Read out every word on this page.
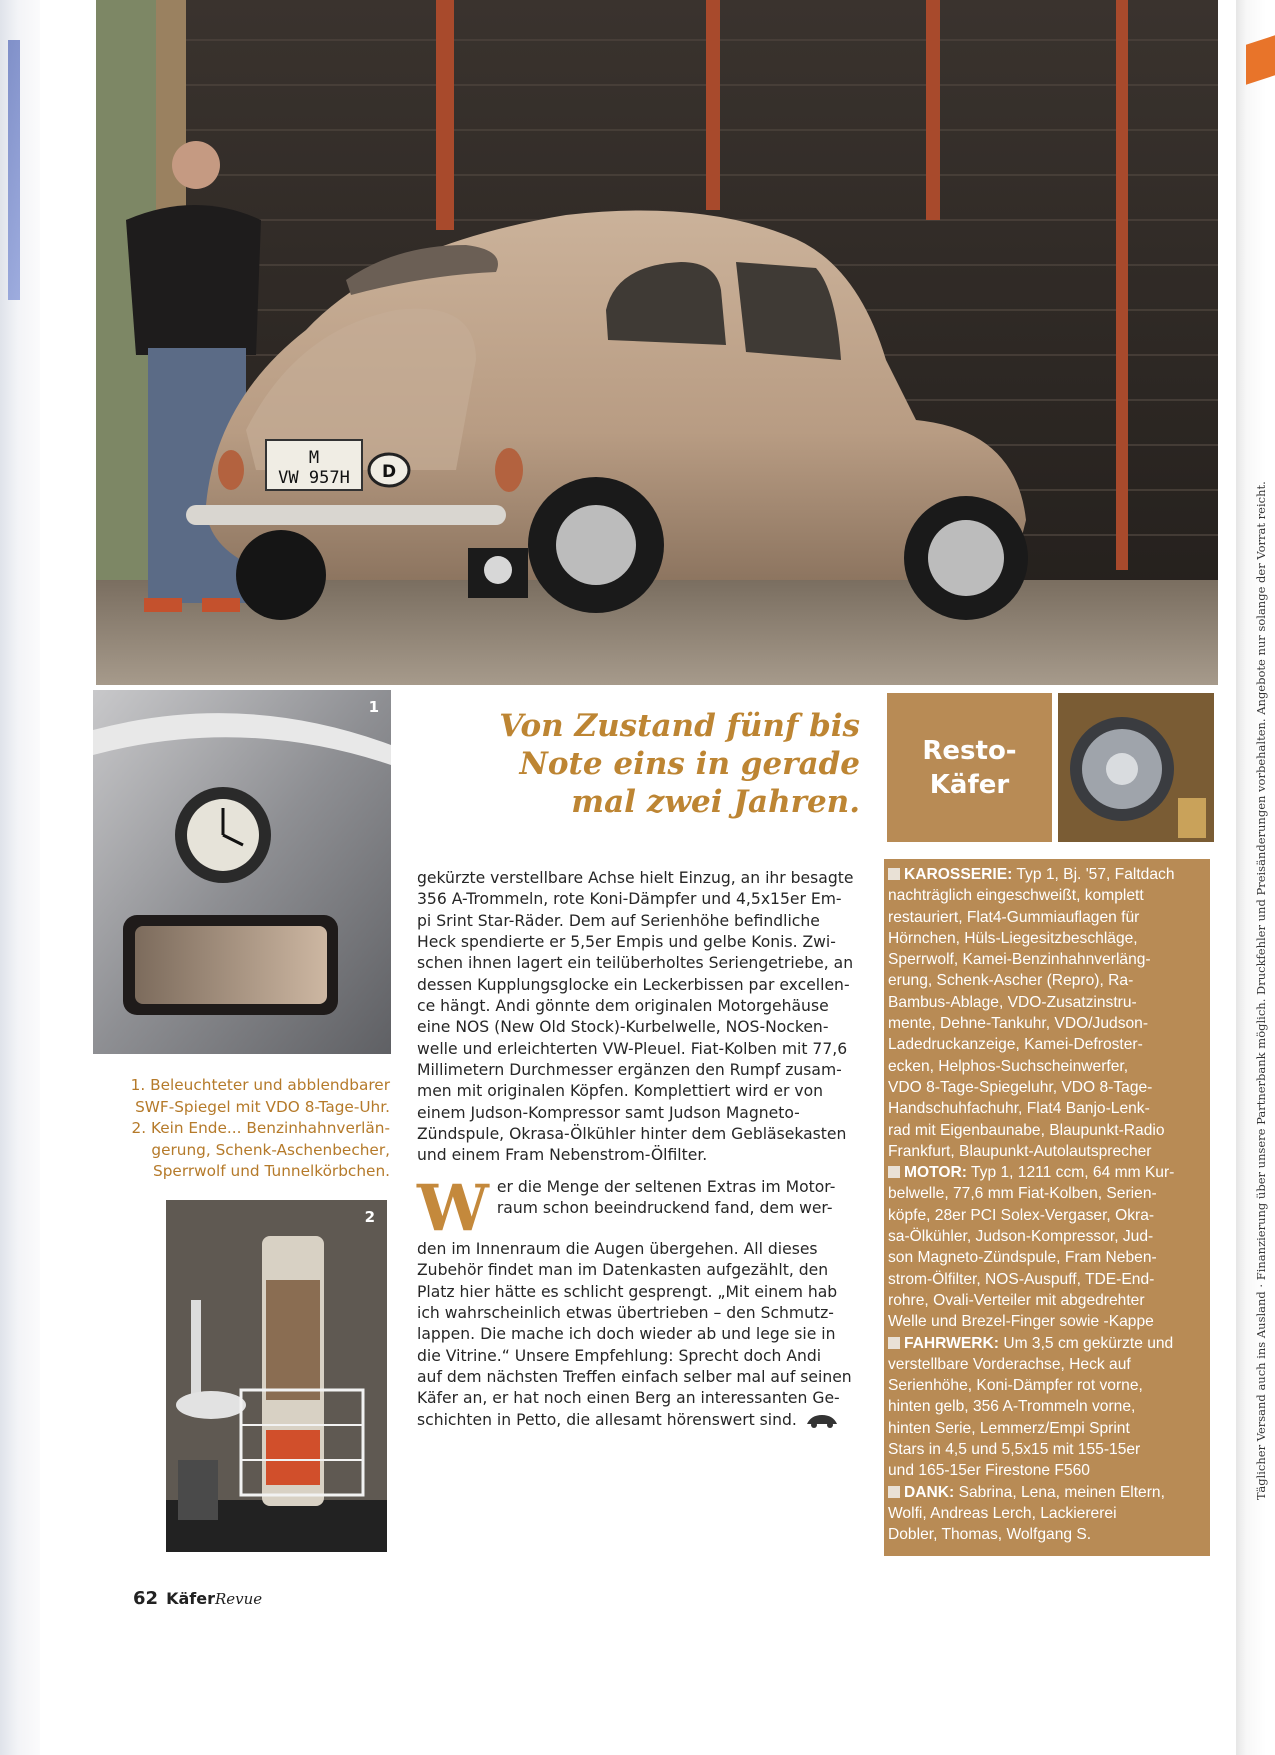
M
VW 957H D
1

1. Beleuchteter und abblendbarer

SWF-Spiegel mit VDO 8-Tage-Uhr.

2. Kein Ende... Benzinhahnverlän-

gerung, Schenk-Aschenbecher,

Sperrwolf und Tunnelkörbchen.

2
Von Zustand fünf bis
Note eins in gerade
mal zwei Jahren.
Resto-
Käfer

gekürzte verstellbare Achse hielt Einzug, an ihr besagte
356 A-Trommeln, rote Koni-Dämpfer und 4,5x15er Em-
pi Srint Star-Räder. Dem auf Serienhöhe befindliche
Heck spendierte er 5,5er Empis und gelbe Konis. Zwi-
schen ihnen lagert ein teilüberholtes Seriengetriebe, an
dessen Kupplungsglocke ein Leckerbissen par excellen-
ce hängt. Andi gönnte dem originalen Motorgehäuse
eine NOS (New Old Stock)-Kurbelwelle, NOS-Nocken-
welle und erleichterten VW-Pleuel. Fiat-Kolben mit 77,6
Millimetern Durchmesser ergänzen den Rumpf zusam-
men mit originalen Köpfen. Komplettiert wird er von
einem Judson-Kompressor samt Judson Magneto-
Zündspule, Okrasa-Ölkühler hinter dem Gebläsekasten
und einem Fram Nebenstrom-Ölfilter.

W er die Menge der seltenen Extras im Motor-
raum schon beeindruckend fand, dem wer-
den im Innenraum die Augen übergehen. All dieses
Zubehör findet man im Datenkasten aufgezählt, den
Platz hier hätte es schlicht gesprengt. „Mit einem hab
ich wahrscheinlich etwas übertrieben – den Schmutz-
lappen. Die mache ich doch wieder ab und lege sie in
die Vitrine.“ Unsere Empfehlung: Sprecht doch Andi
auf dem nächsten Treffen einfach selber mal auf seinen
Käfer an, er hat noch einen Berg an interessanten Ge-
schichten in Petto, die allesamt hörenswert sind.

KAROSSERIE: Typ 1, Bj. '57, Faltdach
nachträglich eingeschweißt, komplett
restauriert, Flat4-Gummiauflagen für
Hörnchen, Hüls-Liegesitzbeschläge,
Sperrwolf, Kamei-Benzinhahnverläng-
erung, Schenk-Ascher (Repro), Ra-
Bambus-Ablage, VDO-Zusatzinstru-
mente, Dehne-Tankuhr, VDO/Judson-
Ladedruckanzeige, Kamei-Defroster-
ecken, Helphos-Suchscheinwerfer,
VDO 8-Tage-Spiegeluhr, VDO 8-Tage-
Handschuhfachuhr, Flat4 Banjo-Lenk-
rad mit Eigenbaunabe, Blaupunkt-Radio
Frankfurt, Blaupunkt-Autolautsprecher
MOTOR: Typ 1, 1211 ccm, 64 mm Kur-
belwelle, 77,6 mm Fiat-Kolben, Serien-
köpfe, 28er PCI Solex-Vergaser, Okra-
sa-Ölkühler, Judson-Kompressor, Jud-
son Magneto-Zündspule, Fram Neben-
strom-Ölfilter, NOS-Auspuff, TDE-End-
rohre, Ovali-Verteiler mit abgedrehter
Welle und Brezel-Finger sowie -Kappe
FAHRWERK: Um 3,5 cm gekürzte und
verstellbare Vorderachse, Heck auf
Serienhöhe, Koni-Dämpfer rot vorne,
hinten gelb, 356 A-Trommeln vorne,
hinten Serie, Lemmerz/Empi Sprint
Stars in 4,5 und 5,5x15 mit 155-15er
und 165-15er Firestone F560
DANK: Sabrina, Lena, meinen Eltern,
Wolfi, Andreas Lerch, Lackiererei
Dobler, Thomas, Wolfgang S.
Täglicher Versand auch ins Ausland · Finanzierung über unsere Partnerbank möglich. Druckfehler und Preisänderungen vorbehalten. Angebote nur solange der Vorrat reicht.
62 KäferRevue
